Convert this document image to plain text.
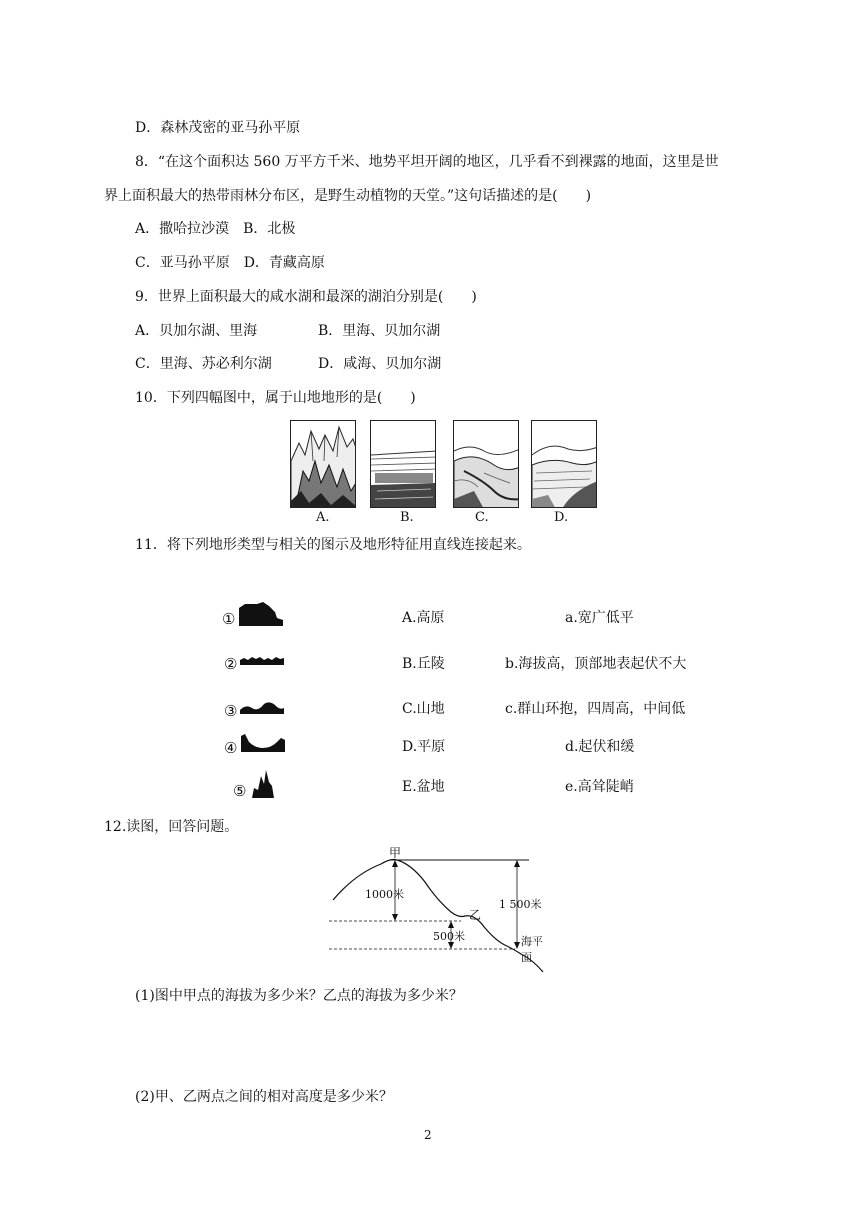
D．森林茂密的亚马孙平原
8．“在这个面积达 560 万平方千米、地势平坦开阔的地区，几乎看不到裸露的地面，这里是世
界上面积最大的热带雨林分布区，是野生动植物的天堂。”这句话描述的是(　　)
A．撒哈拉沙漠　B．北极
C．亚马孙平原　D．青藏高原
9．世界上面积最大的咸水湖和最深的湖泊分别是(　　)
A．贝加尔湖、里海	B．里海、贝加尔湖
C．里海、苏必利尔湖	D．咸海、贝加尔湖
10．下列四幅图中，属于山地地形的是(　　)
A.	B.	C.	D.
11．将下列地形类型与相关的图示及地形特征用直线连接起来。
①	A.高原	a.宽广低平
②	B.丘陵	b.海拔高，顶部地表起伏不大
③	C.山地	c.群山环抱，四周高，中间低
④	D.平原	d.起伏和缓
⑤	E.盆地	e.高耸陡峭
12.读图，回答问题。
甲
1000米
乙
500米
1 500米
海平面
(1)图中甲点的海拔为多少米？乙点的海拔为多少米？
(2)甲、乙两点之间的相对高度是多少米？
2
